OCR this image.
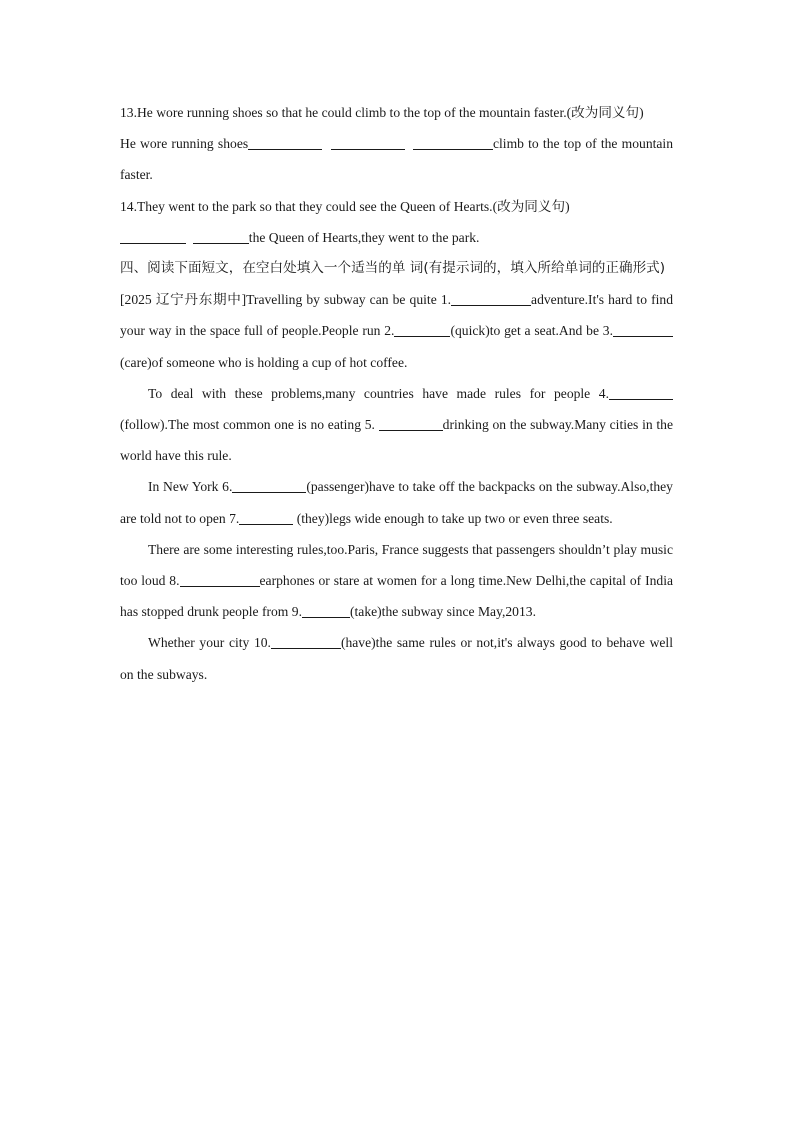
13.He wore running shoes so that he could climb to the top of the mountain faster.(改为同义句)

He wore running shoes	climb to the top of the mountain faster.

14.They went to the park so that they could see the Queen of Hearts.(改为同义句)

the Queen of Hearts,they went to the park.

四、阅读下面短文，在空白处填入一个适当的单 词(有提示词的，填入所给单词的正确形式)

[2025 辽宁丹东期中]Travelling by subway can be quite 1.	adventure.It's hard to find your way in the space full of people.People run 2.	(quick)to get a seat.And be 3. (care)of someone who is holding a cup of hot coffee.

To deal with these problems,many countries have made rules for people 4. (follow).The most common one is no eating 5.	drinking on the subway.Many cities in the world have this rule.

In New York 6.	(passenger)have to take off the backpacks on the subway.Also,they are told not to open 7.	(they)legs wide enough to take up two or even three seats.

There are some interesting rules,too.Paris, France suggests that passengers shouldn’t play music too loud 8.	earphones or stare at women for a long time.New Delhi,the capital of India has stopped drunk people from 9.	(take)the subway since May,2013.

Whether your city 10.	(have)the same rules or not,it's always good to behave well on the subways.
